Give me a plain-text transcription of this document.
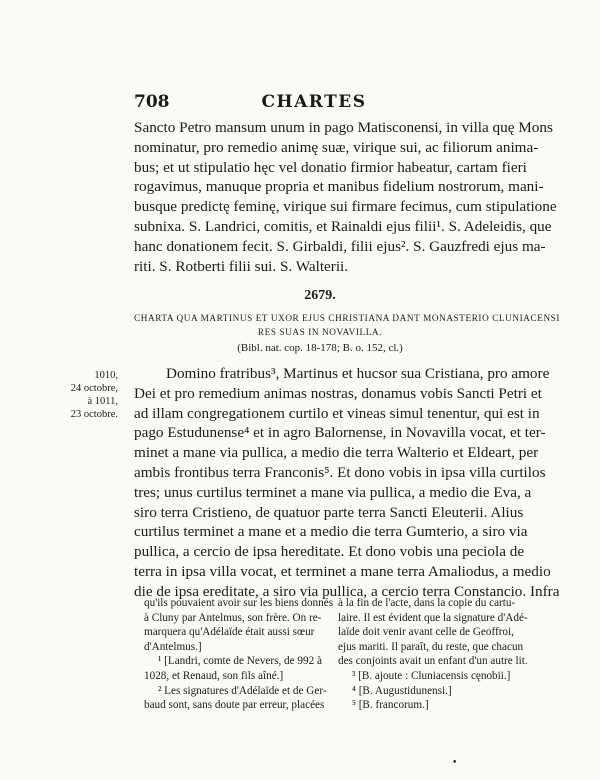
708	CHARTES
Sancto Petro mansum unum in pago Matisconensi, in villa quę Mons
nominatur, pro remedio animę suæ, virique sui, ac filiorum anima-
bus; et ut stipulatio hęc vel donatio firmior habeatur, cartam fieri
rogavimus, manuque propria et manibus fidelium nostrorum, mani-
busque predictę feminę, virique sui firmare fecimus, cum stipulatione
subnixa. S. Landrici, comitis, et Rainaldi ejus filii¹. S. Adeleidis, que
hanc donationem fecit. S. Girbaldi, filii ejus². S. Gauzfredi ejus ma-
riti. S. Rotberti filii sui. S. Walterii.
2679.
CHARTA QUA MARTINUS ET UXOR EJUS CHRISTIANA DANT MONASTERIO CLUNIACENSI
RES SUAS IN NOVAVILLA.
(Bibl. nat. cop. 18-178; B. o. 152, cl.)
1010,
24 octobre,
à 1011,
23 octobre.
Domino fratribus³, Martinus et hucsor sua Cristiana, pro amore
Dei et pro remedium animas nostras, donamus vobis Sancti Petri et
ad illam congregationem curtilo et vineas simul tenentur, qui est in
pago Estudunense⁴ et in agro Balornense, in Novavilla vocat, et ter-
minet a mane via pullica, a medio die terra Walterio et Eldeart, per
ambis frontibus terra Franconis⁵. Et dono vobis in ipsa villa curtilos
tres; unus curtilus terminet a mane via pullica, a medio die Eva, a
siro terra Cristieno, de quatuor parte terra Sancti Eleuterii. Alius
curtilus terminet a mane et a medio die terra Gumterio, a siro via
pullica, a cercio de ipsa hereditate. Et dono vobis una peciola de
terra in ipsa villa vocat, et terminet a mane terra Amaliodus, a medio
die de ipsa ereditate, a siro via pullica, a cercio terra Constancio. Infra
qu'ils pouvaient avoir sur les biens donnés
à Cluny par Antelmus, son frère. On re-
marquera qu'Adélaïde était aussi sœur
d'Antelmus.]
¹ [Landri, comte de Nevers, de 992 à
1028, et Renaud, son fils aîné.]
² Les signatures d'Adélaïde et de Ger-
baud sont, sans doute par erreur, placées
à la fin de l'acte, dans la copie du cartu-
laire. Il est évident que la signature d'Adé-
laïde doit venir avant celle de Geoffroi,
ejus mariti. Il paraît, du reste, que chacun
des conjoints avait un enfant d'un autre lit.
³ [B. ajoute : Cluniacensis cęnobii.]
⁴ [B. Augustidunensi.]
⁵ [B. francorum.]
•
